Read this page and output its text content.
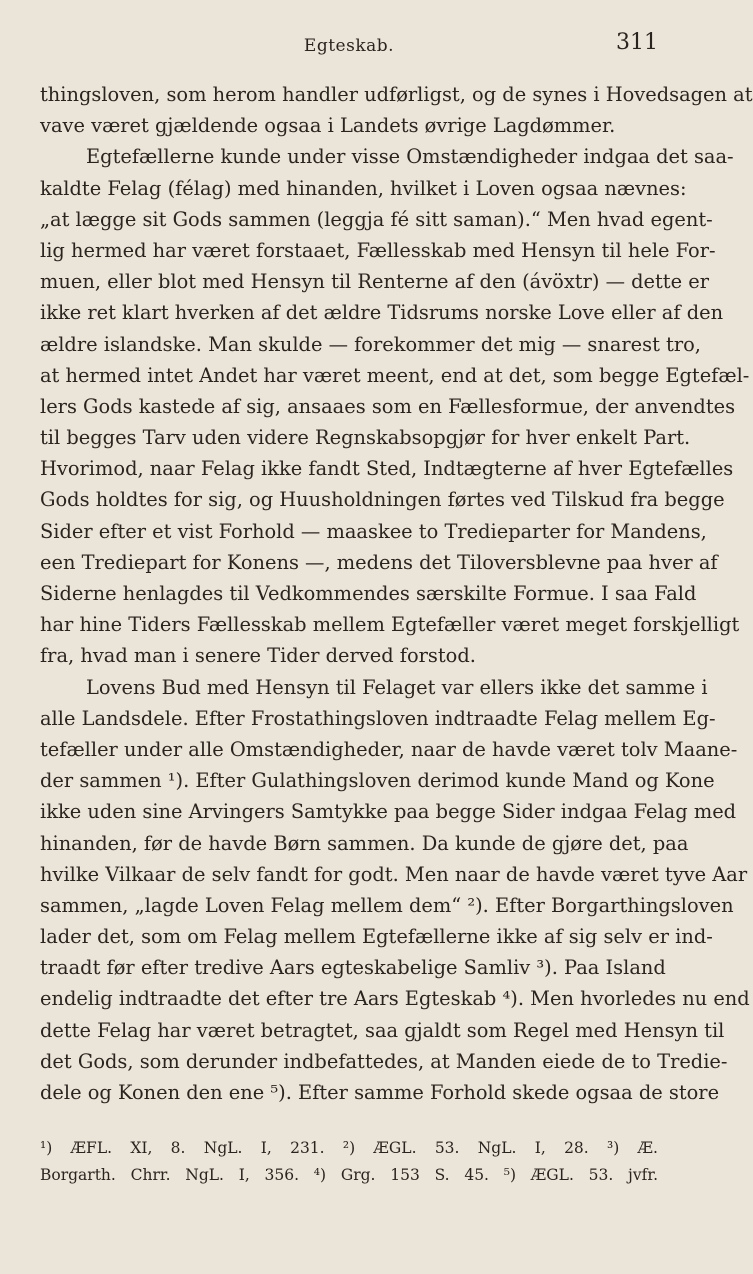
Egteskab.	311
thingsloven, som herom handler udførligst, og de synes i Hovedsagen at
vave været gjældende ogsaa i Landets øvrige Lagdømmer.
Egtefællerne kunde under visse Omstændigheder indgaa det saa-
kaldte Felag (félag) med hinanden, hvilket i Loven ogsaa nævnes:
„at lægge sit Gods sammen (leggja fé sitt saman).“ Men hvad egent-
lig hermed har været forstaaet, Fællesskab med Hensyn til hele For-
muen, eller blot med Hensyn til Renterne af den (ávöxtr) — dette er
ikke ret klart hverken af det ældre Tidsrums norske Love eller af den
ældre islandske. Man skulde — forekommer det mig — snarest tro,
at hermed intet Andet har været meent, end at det, som begge Egtefæl-
lers Gods kastede af sig, ansaaes som en Fællesformue, der anvendtes
til begges Tarv uden videre Regnskabsopgjør for hver enkelt Part.
Hvorimod, naar Felag ikke fandt Sted, Indtægterne af hver Egtefælles
Gods holdtes for sig, og Huusholdningen førtes ved Tilskud fra begge
Sider efter et vist Forhold — maaskee to Tredieparter for Mandens,
een Trediepart for Konens —, medens det Tiloversblevne paa hver af
Siderne henlagdes til Vedkommendes særskilte Formue. I saa Fald
har hine Tiders Fællesskab mellem Egtefæller været meget forskjelligt
fra, hvad man i senere Tider derved forstod.
Lovens Bud med Hensyn til Felaget var ellers ikke det samme i
alle Landsdele. Efter Frostathingsloven indtraadte Felag mellem Eg-
tefæller under alle Omstændigheder, naar de havde været tolv Maane-
der sammen ¹). Efter Gulathingsloven derimod kunde Mand og Kone
ikke uden sine Arvingers Samtykke paa begge Sider indgaa Felag med
hinanden, før de havde Børn sammen. Da kunde de gjøre det, paa
hvilke Vilkaar de selv fandt for godt. Men naar de havde været tyve Aar
sammen, „lagde Loven Felag mellem dem“ ²). Efter Borgarthingsloven
lader det, som om Felag mellem Egtefællerne ikke af sig selv er ind-
traadt før efter tredive Aars egteskabelige Samliv ³). Paa Island
endelig indtraadte det efter tre Aars Egteskab ⁴). Men hvorledes nu end
dette Felag har været betragtet, saa gjaldt som Regel med Hensyn til
det Gods, som derunder indbefattedes, at Manden eiede de to Tredie-
dele og Konen den ene ⁵). Efter samme Forhold skede ogsaa de store
¹) ÆFL. XI, 8. NgL. I, 231. ²) ÆGL. 53. NgL. I, 28. ³) Æ.
Borgarth. Chrr. NgL. I, 356. ⁴) Grg. 153 S. 45. ⁵) ÆGL. 53. jvfr.
